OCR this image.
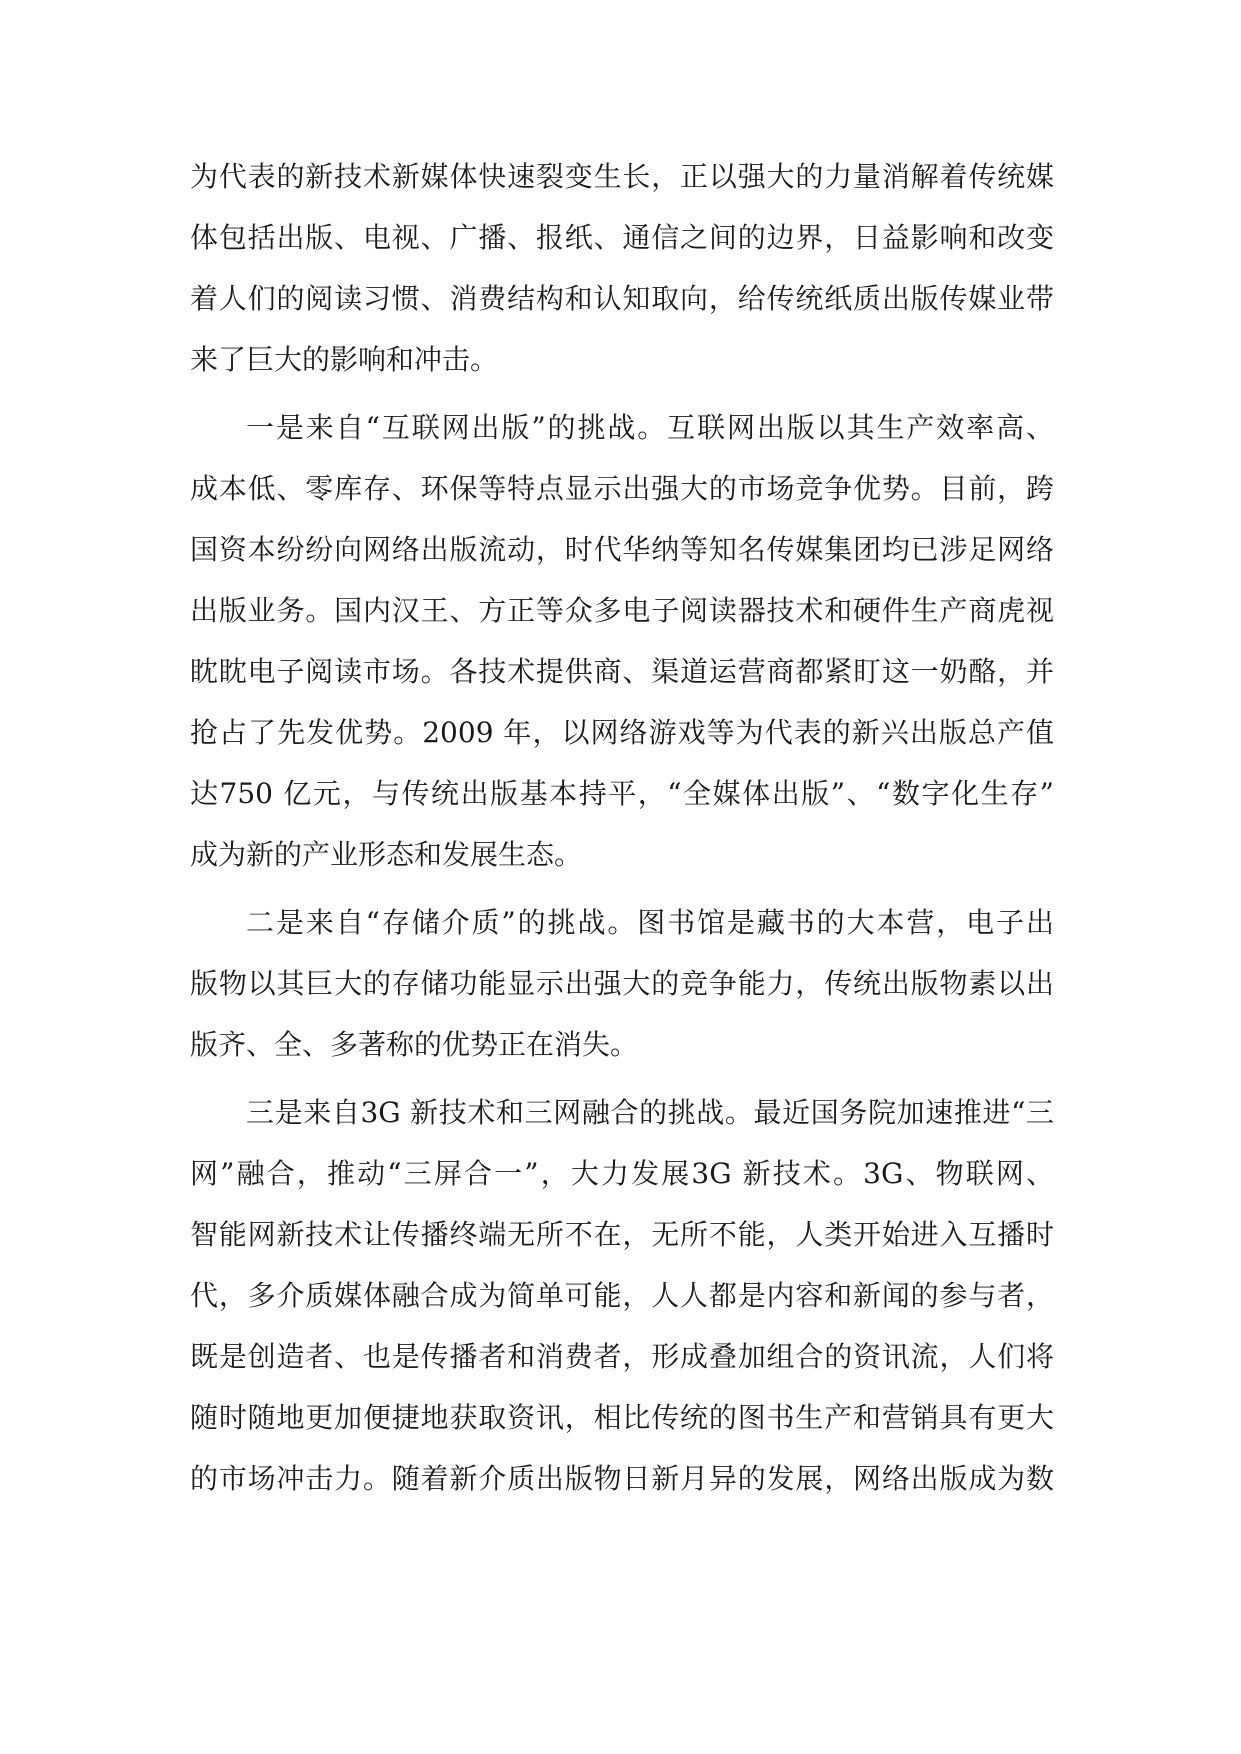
为代表的新技术新媒体快速裂变生长，正以强大的力量消解着传统媒
体包括出版、电视、广播、报纸、通信之间的边界，日益影响和改变
着人们的阅读习惯、消费结构和认知取向，给传统纸质出版传媒业带
来了巨大的影响和冲击。
一是来自“互联网出版”的挑战。互联网出版以其生产效率高、
成本低、零库存、环保等特点显示出强大的市场竞争优势。目前，跨
国资本纷纷向网络出版流动，时代华纳等知名传媒集团均已涉足网络
出版业务。国内汉王、方正等众多电子阅读器技术和硬件生产商虎视
眈眈电子阅读市场。各技术提供商、渠道运营商都紧盯这一奶酪，并
抢占了先发优势。2009 年，以网络游戏等为代表的新兴出版总产值
达750 亿元，与传统出版基本持平，“全媒体出版”、“数字化生存”
成为新的产业形态和发展生态。
二是来自“存储介质”的挑战。图书馆是藏书的大本营，电子出
版物以其巨大的存储功能显示出强大的竞争能力，传统出版物素以出
版齐、全、多著称的优势正在消失。
三是来自3G 新技术和三网融合的挑战。最近国务院加速推进“三
网”融合，推动“三屏合一”，大力发展3G 新技术。3G、物联网、
智能网新技术让传播终端无所不在，无所不能，人类开始进入互播时
代，多介质媒体融合成为简单可能，人人都是内容和新闻的参与者，
既是创造者、也是传播者和消费者，形成叠加组合的资讯流，人们将
随时随地更加便捷地获取资讯，相比传统的图书生产和营销具有更大
的市场冲击力。随着新介质出版物日新月异的发展，网络出版成为数
